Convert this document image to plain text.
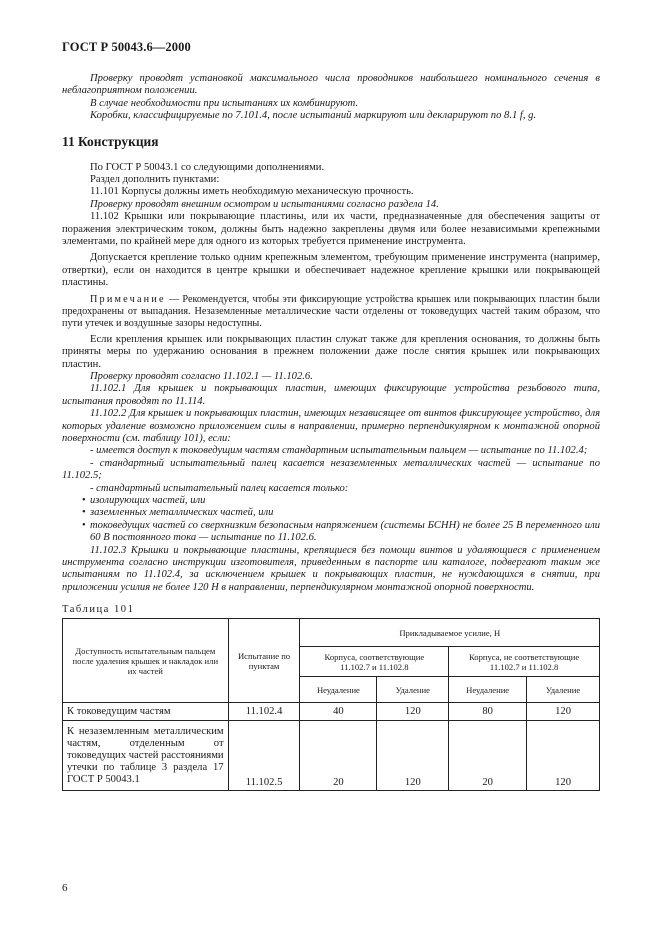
ГОСТ Р 50043.6—2000

Проверку проводят установкой максимального числа проводников наибольшего номинального сечения в неблагоприятном положении.

В случае необходимости при испытаниях их комбинируют.

Коробки, классифицируемые по 7.101.4, после испытаний маркируют или декларируют по 8.1 f, g.

11 Конструкция

По ГОСТ Р 50043.1 со следующими дополнениями.

Раздел дополнить пунктами:

11.101 Корпусы должны иметь необходимую механическую прочность.

Проверку проводят внешним осмотром и испытаниями согласно раздела 14.

11.102 Крышки или покрывающие пластины, или их части, предназначенные для обеспечения защиты от поражения электрическим током, должны быть надежно закреплены двумя или более независимыми крепежными элементами, по крайней мере для одного из которых требуется применение инструмента.

Допускается крепление только одним крепежным элементом, требующим применение инструмента (например, отвертки), если он находится в центре крышки и обеспечивает надежное крепление крышки или покрывающей пластины.

Примечание — Рекомендуется, чтобы эти фиксирующие устройства крышек или покрывающих пластин были предохранены от выпадания. Незаземленные металлические части отделены от токоведущих частей таким образом, что пути утечек и воздушные зазоры недоступны.

Если крепления крышек или покрывающих пластин служат также для крепления основания, то должны быть приняты меры по удержанию основания в прежнем положении даже после снятия крышек или покрывающих пластин.

Проверку проводят согласно 11.102.1 — 11.102.6.

11.102.1 Для крышек и покрывающих пластин, имеющих фиксирующие устройства резьбового типа, испытания проводят по 11.114.

11.102.2 Для крышек и покрывающих пластин, имеющих независящее от винтов фиксирующее устройство, для которых удаление возможно приложением силы в направлении, примерно перпендикулярном к монтажной опорной поверхности (см. таблицу 101), если:

- имеется доступ к токоведущим частям стандартным испытательным пальцем — испытание по 11.102.4;

- стандартный испытательный палец касается незаземленных металлических частей — испытание по 11.102.5;

- стандартный испытательный палец касается только:

• изолирующих частей, или
• заземленных металлических частей, или
• токоведущих частей со сверхнизким безопасным напряжением (системы БСНН) не более 25 В переменного или 60 В постоянного тока — испытание по 11.102.6.

11.102.3 Крышки и покрывающие пластины, крепящиеся без помощи винтов и удаляющиеся с применением инструмента согласно инструкции изготовителя, приведенным в паспорте или каталоге, подвергают таким же испытаниям по 11.102.4, за исключением крышек и покрывающих пластин, не нуждающихся в снятии, при приложении усилия не более 120 Н в направлении, перпендикулярном монтажной опорной поверхности.

Таблица 101
Доступность испытательным пальцем после удаления крышек и накладок или их частей	Испытание по пунктам	Прикладываемое усилие, Н			
		Корпуса, соответствующие 11.102.7 и 11.102.8		Корпуса, не соответствующие 11.102.7 и 11.102.8	
		Неудаление	Удаление	Неудаление	Удаление
К токоведущим частям	11.102.4	40	120	80	120
К незаземленным металлическим частям, отделенным от токоведущих частей расстояниями утечки по таблице 3 раздела 17 ГОСТ Р 50043.1	11.102.5	20	120	20	120
6
